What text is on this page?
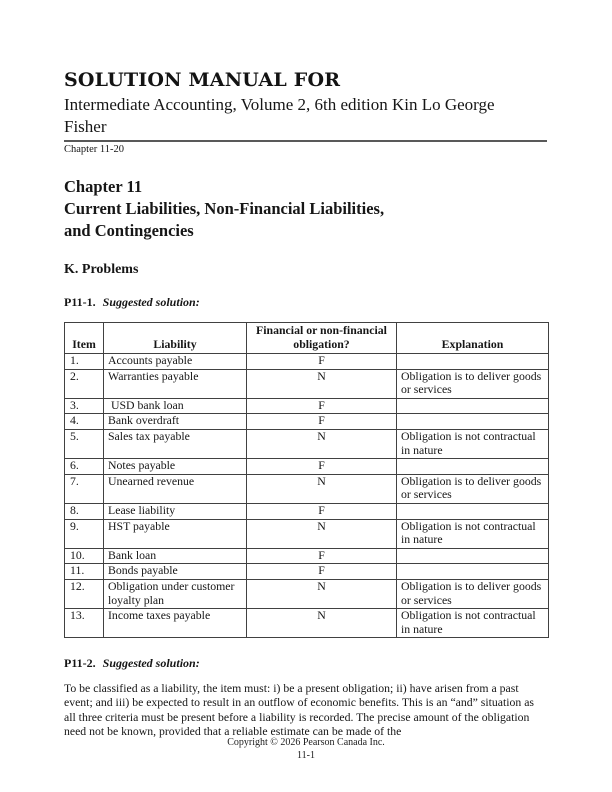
SOLUTION MANUAL FOR
Intermediate Accounting, Volume 2, 6th edition Kin Lo George
Fisher
Chapter 11-20
Chapter 11
Current Liabilities, Non-Financial Liabilities,
and Contingencies
K. Problems
P11-1. Suggested solution:
Item	Liability	Financial or non-financial obligation?	Explanation
1.	Accounts payable	F	
2.	Warranties payable	N	Obligation is to deliver goods or services
3.	USD bank loan	F	
4.	Bank overdraft	F	
5.	Sales tax payable	N	Obligation is not contractual in nature
6.	Notes payable	F	
7.	Unearned revenue	N	Obligation is to deliver goods or services
8.	Lease liability	F	
9.	HST payable	N	Obligation is not contractual in nature
10.	Bank loan	F	
11.	Bonds payable	F	
12.	Obligation under customer loyalty plan	N	Obligation is to deliver goods or services
13.	Income taxes payable	N	Obligation is not contractual in nature
P11-2. Suggested solution:
To be classified as a liability, the item must: i) be a present obligation; ii) have arisen from a past event; and iii) be expected to result in an outflow of economic benefits. This is an “and” situation as all three criteria must be present before a liability is recorded. The precise amount of the obligation need not be known, provided that a reliable estimate can be made of the
Copyright © 2026 Pearson Canada Inc.
11-1
